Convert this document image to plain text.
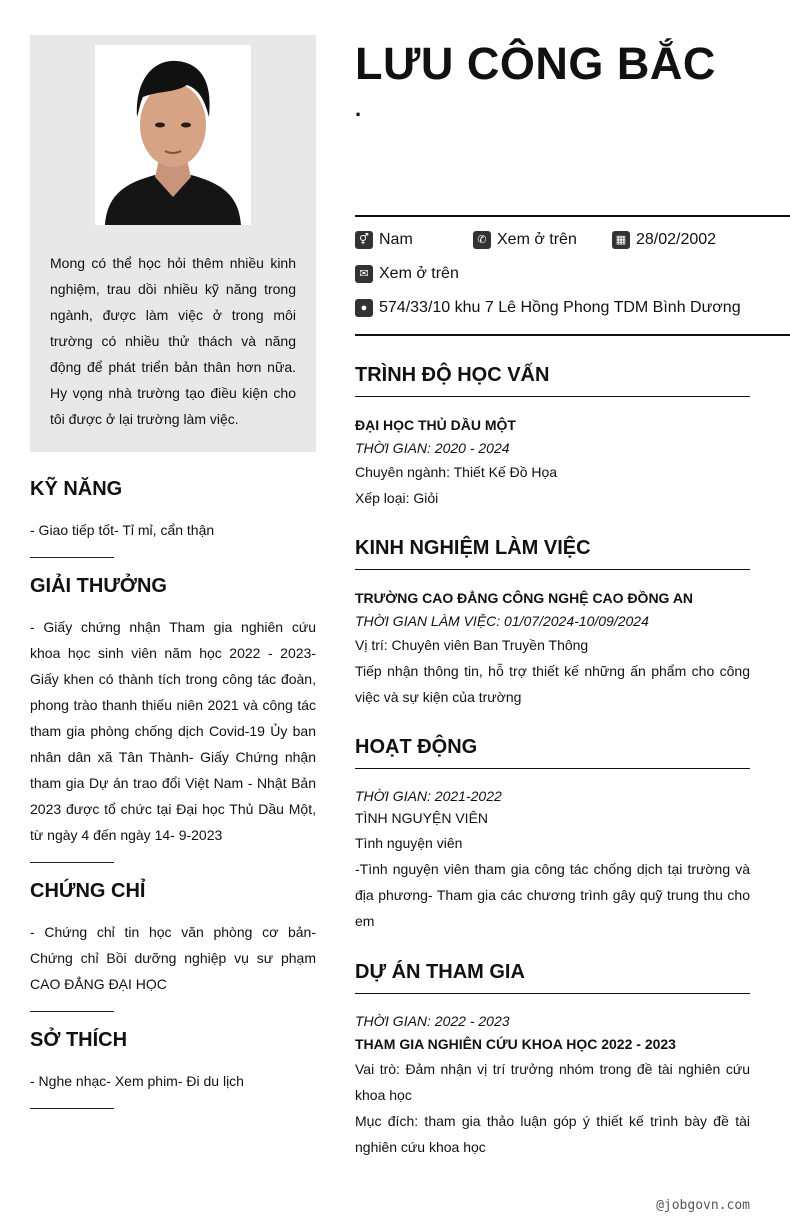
Mong có thể học hỏi thêm nhiều kinh nghiệm, trau dồi nhiều kỹ năng trong ngành, được làm việc ở trong môi trường có nhiều thử thách và năng động để phát triển bản thân hơn nữa. Hy vọng nhà trường tạo điều kiện cho tôi được ở lại trường làm việc.

KỸ NĂNG

- Giao tiếp tốt- Tỉ mỉ, cẩn thận

GIẢI THƯỞNG

- Giấy chứng nhận Tham gia nghiên cứu khoa học sinh viên năm học 2022 - 2023- Giấy khen có thành tích trong công tác đoàn, phong trào thanh thiếu niên 2021 và công tác tham gia phòng chống dịch Covid-19 Ủy ban nhân dân xã Tân Thành- Giấy Chứng nhận tham gia Dự án trao đổi Việt Nam - Nhật Bản 2023 được tổ chức tại Đại học Thủ Dầu Một, từ ngày 4 đến ngày 14- 9-2023

CHỨNG CHỈ

- Chứng chỉ tin học văn phòng cơ bản- Chứng chỉ Bồi dưỡng nghiệp vụ sư phạm CAO ĐẲNG ĐẠI HỌC

SỞ THÍCH

- Nghe nhạc- Xem phim- Đi du lịch

LƯU CÔNG BẮC
.
⚥ Nam	✆ Xem ở trên	▦ 28/02/2002
✉ Xem ở trên
● 574/33/10 khu 7 Lê Hồng Phong TDM Bình Dương
TRÌNH ĐỘ HỌC VẤN
ĐẠI HỌC THỦ DẦU MỘT
THỜI GIAN: 2020 - 2024
Chuyên ngành: Thiết Kế Đồ Họa
Xếp loại: Giỏi
KINH NGHIỆM LÀM VIỆC
TRƯỜNG CAO ĐẲNG CÔNG NGHỆ CAO ĐỒNG AN
THỜI GIAN LÀM VIỆC: 01/07/2024-10/09/2024
Vị trí: Chuyên viên Ban Truyền Thông
Tiếp nhận thông tin, hỗ trợ thiết kế những ấn phẩm cho công việc và sự kiện của trường
HOẠT ĐỘNG
THỜI GIAN: 2021-2022
TÌNH NGUYỆN VIÊN
Tình nguyện viên
-Tình nguyện viên tham gia công tác chống dịch tại trường và địa phương- Tham gia các chương trình gây quỹ trung thu cho em
DỰ ÁN THAM GIA
THỜI GIAN: 2022 - 2023
THAM GIA NGHIÊN CỨU KHOA HỌC 2022 - 2023
Vai trò: Đảm nhận vị trí trưởng nhóm trong đề tài nghiên cứu khoa học
Mục đích: tham gia thảo luận góp ý thiết kế trình bày đề tài nghiên cứu khoa học
@jobgovn.com
